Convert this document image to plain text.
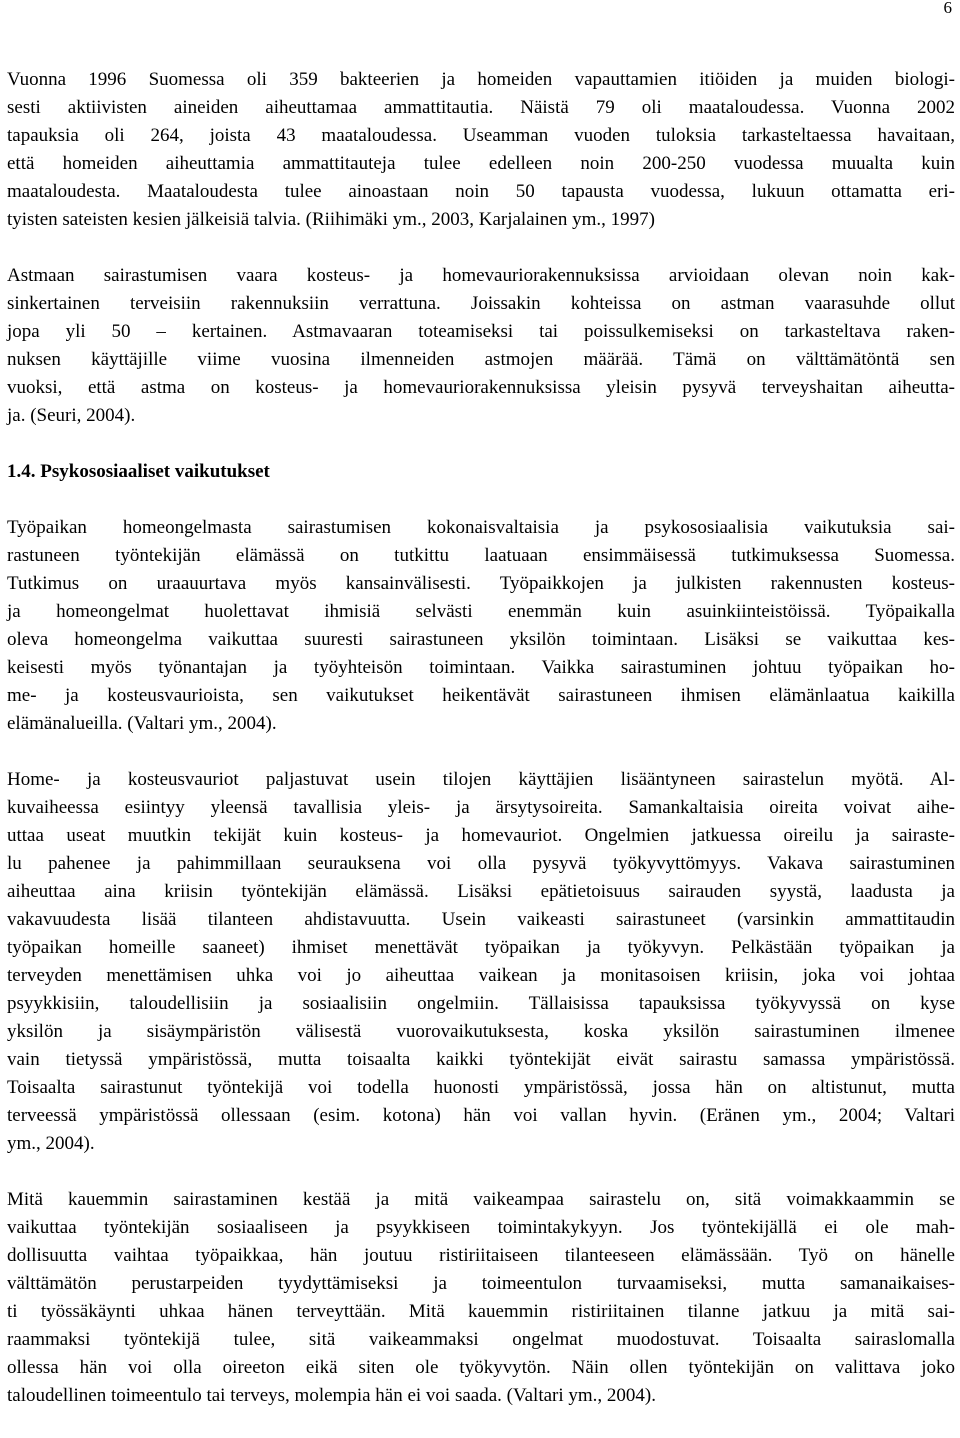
6
Vuonna 1996 Suomessa oli 359 bakteerien ja homeiden vapauttamien itiöiden ja muiden biologi-
sesti aktiivisten aineiden aiheuttamaa ammattitautia. Näistä 79 oli maataloudessa. Vuonna 2002
tapauksia oli 264, joista 43 maataloudessa. Useamman vuoden tuloksia tarkasteltaessa havaitaan,
että homeiden aiheuttamia ammattitauteja tulee edelleen noin 200-250 vuodessa muualta kuin
maataloudesta. Maataloudesta tulee ainoastaan noin 50 tapausta vuodessa, lukuun ottamatta eri-
tyisten sateisten kesien jälkeisiä talvia. (Riihimäki ym., 2003, Karjalainen ym., 1997)
Astmaan sairastumisen vaara kosteus- ja homevauriorakennuksissa arvioidaan olevan noin kak-
sinkertainen terveisiin rakennuksiin verrattuna. Joissakin kohteissa on astman vaarasuhde ollut
jopa yli 50 – kertainen. Astmavaaran toteamiseksi tai poissulkemiseksi on tarkasteltava raken-
nuksen käyttäjille viime vuosina ilmenneiden astmojen määrää. Tämä on välttämätöntä sen
vuoksi, että astma on kosteus- ja homevauriorakennuksissa yleisin pysyvä terveyshaitan aiheutta-
ja. (Seuri, 2004).
1.4. Psykososiaaliset vaikutukset
Työpaikan homeongelmasta sairastumisen kokonaisvaltaisia ja psykososiaalisia vaikutuksia sai-
rastuneen työntekijän elämässä on tutkittu laatuaan ensimmäisessä tutkimuksessa Suomessa.
Tutkimus on uraauurtava myös kansainvälisesti. Työpaikkojen ja julkisten rakennusten kosteus-
ja homeongelmat huolettavat ihmisiä selvästi enemmän kuin asuinkiinteistöissä. Työpaikalla
oleva homeongelma vaikuttaa suuresti sairastuneen yksilön toimintaan. Lisäksi se vaikuttaa kes-
keisesti myös työnantajan ja työyhteisön toimintaan. Vaikka sairastuminen johtuu työpaikan ho-
me- ja kosteusvaurioista, sen vaikutukset heikentävät sairastuneen ihmisen elämänlaatua kaikilla
elämänalueilla. (Valtari ym., 2004).
Home- ja kosteusvauriot paljastuvat usein tilojen käyttäjien lisääntyneen sairastelun myötä. Al-
kuvaiheessa esiintyy yleensä tavallisia yleis- ja ärsytysoireita. Samankaltaisia oireita voivat aihe-
uttaa useat muutkin tekijät kuin kosteus- ja homevauriot. Ongelmien jatkuessa oireilu ja sairaste-
lu pahenee ja pahimmillaan seurauksena voi olla pysyvä työkyvyttömyys. Vakava sairastuminen
aiheuttaa aina kriisin työntekijän elämässä. Lisäksi epätietoisuus sairauden syystä, laadusta ja
vakavuudesta lisää tilanteen ahdistavuutta. Usein vaikeasti sairastuneet (varsinkin ammattitaudin
työpaikan homeille saaneet) ihmiset menettävät työpaikan ja työkyvyn. Pelkästään työpaikan ja
terveyden menettämisen uhka voi jo aiheuttaa vaikean ja monitasoisen kriisin, joka voi johtaa
psyykkisiin, taloudellisiin ja sosiaalisiin ongelmiin. Tällaisissa tapauksissa työkyvyssä on kyse
yksilön ja sisäympäristön välisestä vuorovaikutuksesta, koska yksilön sairastuminen ilmenee
vain tietyssä ympäristössä, mutta toisaalta kaikki työntekijät eivät sairastu samassa ympäristössä.
Toisaalta sairastunut työntekijä voi todella huonosti ympäristössä, jossa hän on altistunut, mutta
terveessä ympäristössä ollessaan (esim. kotona) hän voi vallan hyvin. (Eränen ym., 2004; Valtari
ym., 2004).
Mitä kauemmin sairastaminen kestää ja mitä vaikeampaa sairastelu on, sitä voimakkaammin se
vaikuttaa työntekijän sosiaaliseen ja psyykkiseen toimintakykyyn. Jos työntekijällä ei ole mah-
dollisuutta vaihtaa työpaikkaa, hän joutuu ristiriitaiseen tilanteeseen elämässään. Työ on hänelle
välttämätön perustarpeiden tyydyttämiseksi ja toimeentulon turvaamiseksi, mutta samanaikaises-
ti työssäkäynti uhkaa hänen terveyttään. Mitä kauemmin ristiriitainen tilanne jatkuu ja mitä sai-
raammaksi työntekijä tulee, sitä vaikeammaksi ongelmat muodostuvat. Toisaalta sairaslomalla
ollessa hän voi olla oireeton eikä siten ole työkyvytön. Näin ollen työntekijän on valittava joko
taloudellinen toimeentulo tai terveys, molempia hän ei voi saada. (Valtari ym., 2004).
